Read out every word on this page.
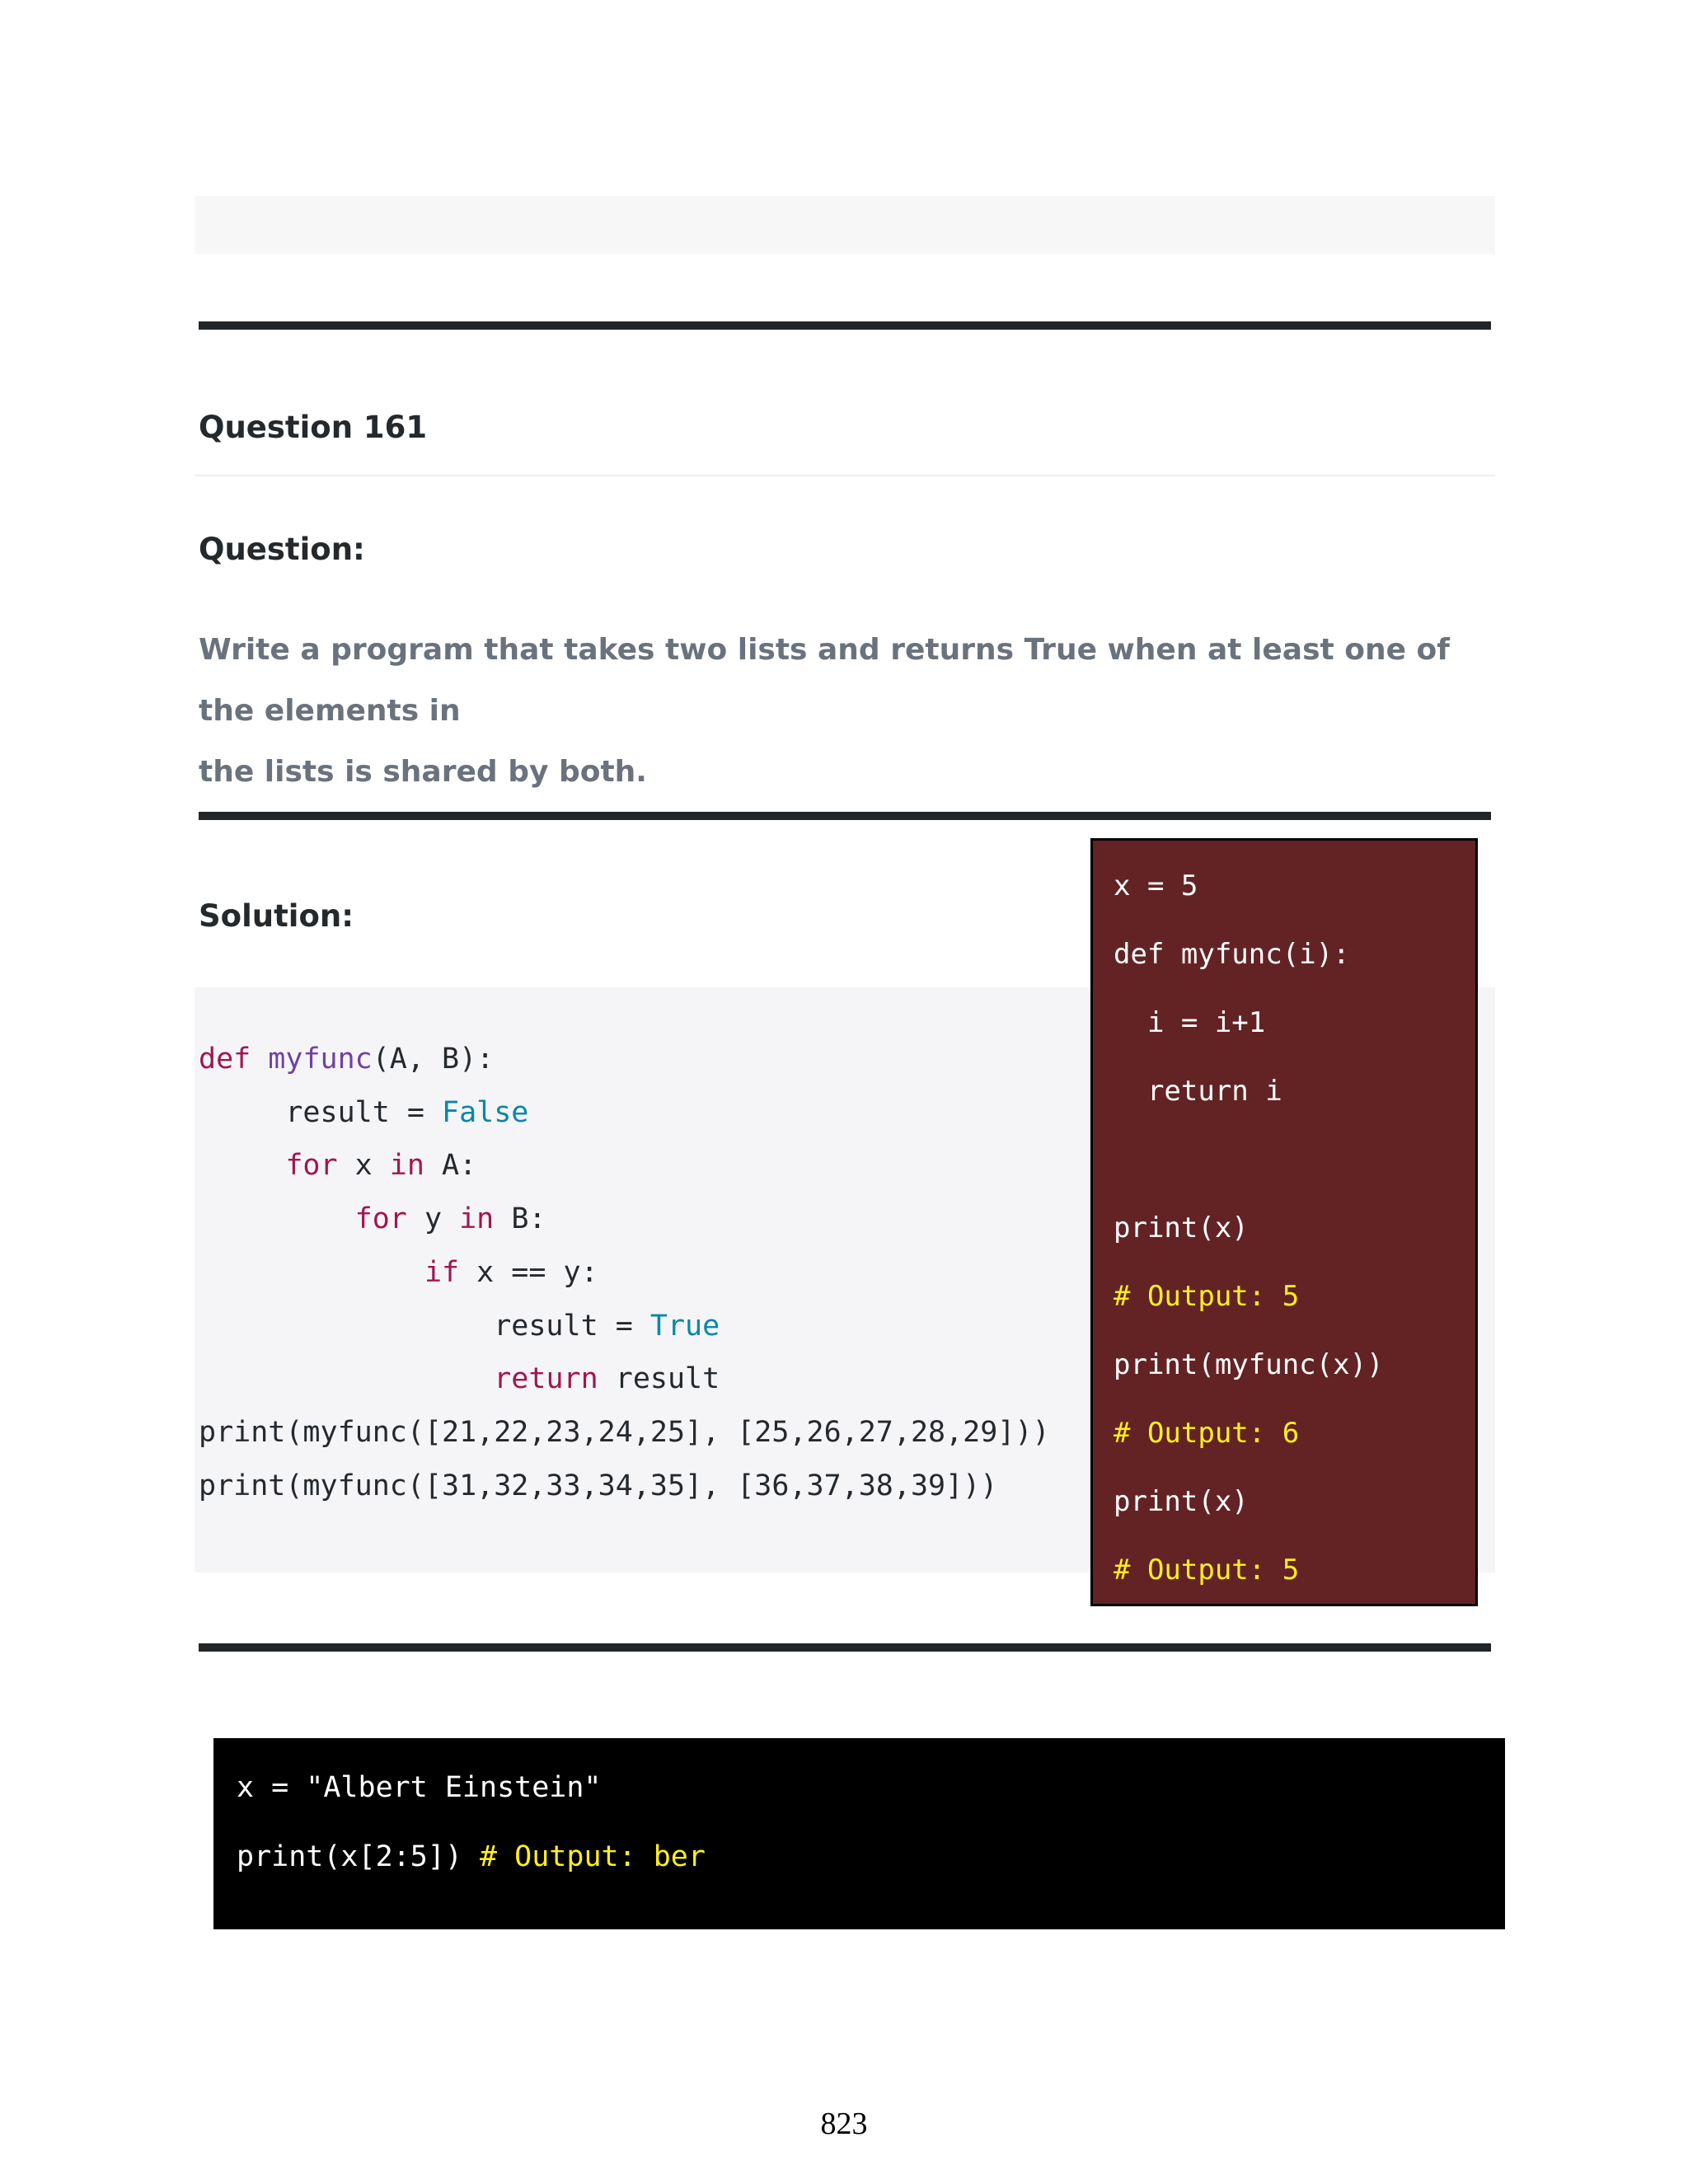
Question 161
Question:
Write a program that takes two lists and returns True when at least one of the elements in
the lists is shared by both.
Solution:
def myfunc(A, B):
result = False
for x in A:
for y in B:
if x == y:
result = True
return result
print(myfunc([21,22,23,24,25], [25,26,27,28,29]))
print(myfunc([31,32,33,34,35], [36,37,38,39]))
x = 5
def myfunc(i):
i = i+1
return i

print(x)
# Output: 5
print(myfunc(x))
# Output: 6
print(x)
# Output: 5
x = "Albert Einstein"
print(x[2:5]) # Output: ber
823
